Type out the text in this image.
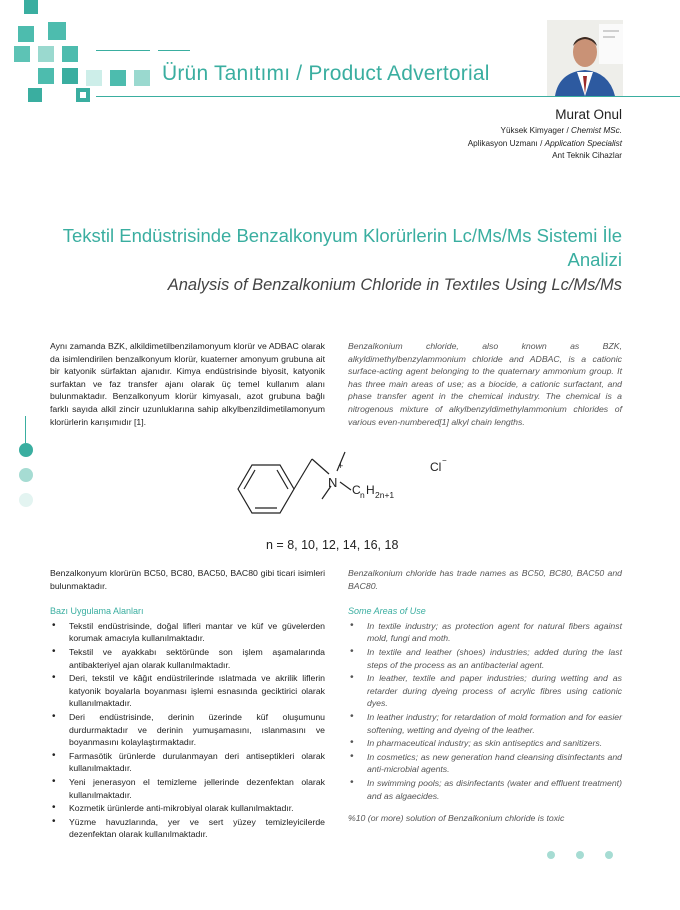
Ürün Tanıtımı / Product Advertorial
Murat Onul
Yüksek Kimyager / Chemist MSc.
Aplikasyon Uzmanı / Application Specialist
Ant Teknik Cihazlar
Tekstil Endüstrisinde Benzalkonyum Klorürlerin Lc/Ms/Ms Sistemi İle Analizi
Analysis of Benzalkonium Chloride in Textıles Using Lc/Ms/Ms
Aynı zamanda BZK, alkildimetilbenzilamonyum klorür ve ADBAC olarak da isimlendirilen benzalkonyum klorür, kuaterner amonyum grubuna ait bir katyonik sürfaktan ajanıdır. Kimya endüstrisinde biyosit, katyonik surfaktan ve faz transfer ajanı olarak üç temel kullanım alanı bulunmaktadır. Benzalkonyum klorür kimyasalı, azot grubuna bağlı farklı sayıda alkil zincir uzunluklarına sahip alkylbenzildimetilamonyum klorürlerin karışımıdır [1].
Benzalkonium chloride, also known as BZK, alkyldimethylbenzylammonium chloride and ADBAC, is a cationic surface-acting agent belonging to the quaternary ammonium group. It has three main areas of use; as a biocide, a cationic surfactant, and phase transfer agent in the chemical industry. The chemical is a nitrogenous mixture of alkylbenzyldimethylammonium chlorides of various even-numbered[1] alkyl chain lengths.
N
+
C n H 2n+1
Cl −
n = 8, 10, 12, 14, 16, 18
Benzalkonyum klorürün BC50, BC80, BAC50, BAC80 gibi ticari isimleri bulunmaktadır.
Bazı Uygulama Alanları
• Tekstil endüstrisinde, doğal lifleri mantar ve küf ve güvelerden korumak amacıyla kullanılmaktadır.
• Tekstil ve ayakkabı sektöründe son işlem aşamalarında antibakteriyel ajan olarak kullanılmaktadır.
• Deri, tekstil ve kâğıt endüstrilerinde ıslatmada ve akrilik liflerin katyonik boyalarla boyanması işlemi esnasında geciktirici olarak kullanılmaktadır.
• Deri endüstrisinde, derinin üzerinde küf oluşumunu durdurmaktadır ve derinin yumuşamasını, ıslanmasını ve boyanmasını kolaylaştırmaktadır.
• Farmasötik ürünlerde durulanmayan deri antiseptikleri olarak kullanılmaktadır.
• Yeni jenerasyon el temizleme jellerinde dezenfektan olarak kullanılmaktadır.
• Kozmetik ürünlerde anti-mikrobiyal olarak kullanılmaktadır.
• Yüzme havuzlarında, yer ve sert yüzey temizleyicilerde dezenfektan olarak kullanılmaktadır.
Benzalkonium chloride has trade names as BC50, BC80, BAC50 and BAC80.
Some Areas of Use
• In textile industry; as protection agent for natural fibers against mold, fungi and moth.
• In textile and leather (shoes) industries; added during the last steps of the process as an antibacterial agent.
• In leather, textile and paper industries; during wetting and as retarder during dyeing process of acrylic fibres using cationic dyes.
• In leather industry; for retardation of mold formation and for easier softening, wetting and dyeing of the leather.
• In pharmaceutical industry; as skin antiseptics and sanitizers.
• In cosmetics; as new generation hand cleansing disinfectants and anti-microbial agents.
• In swimming pools; as disinfectants (water and effluent treatment) and as algaecides.
%10 (or more) solution of Benzalkonium chloride is toxic
